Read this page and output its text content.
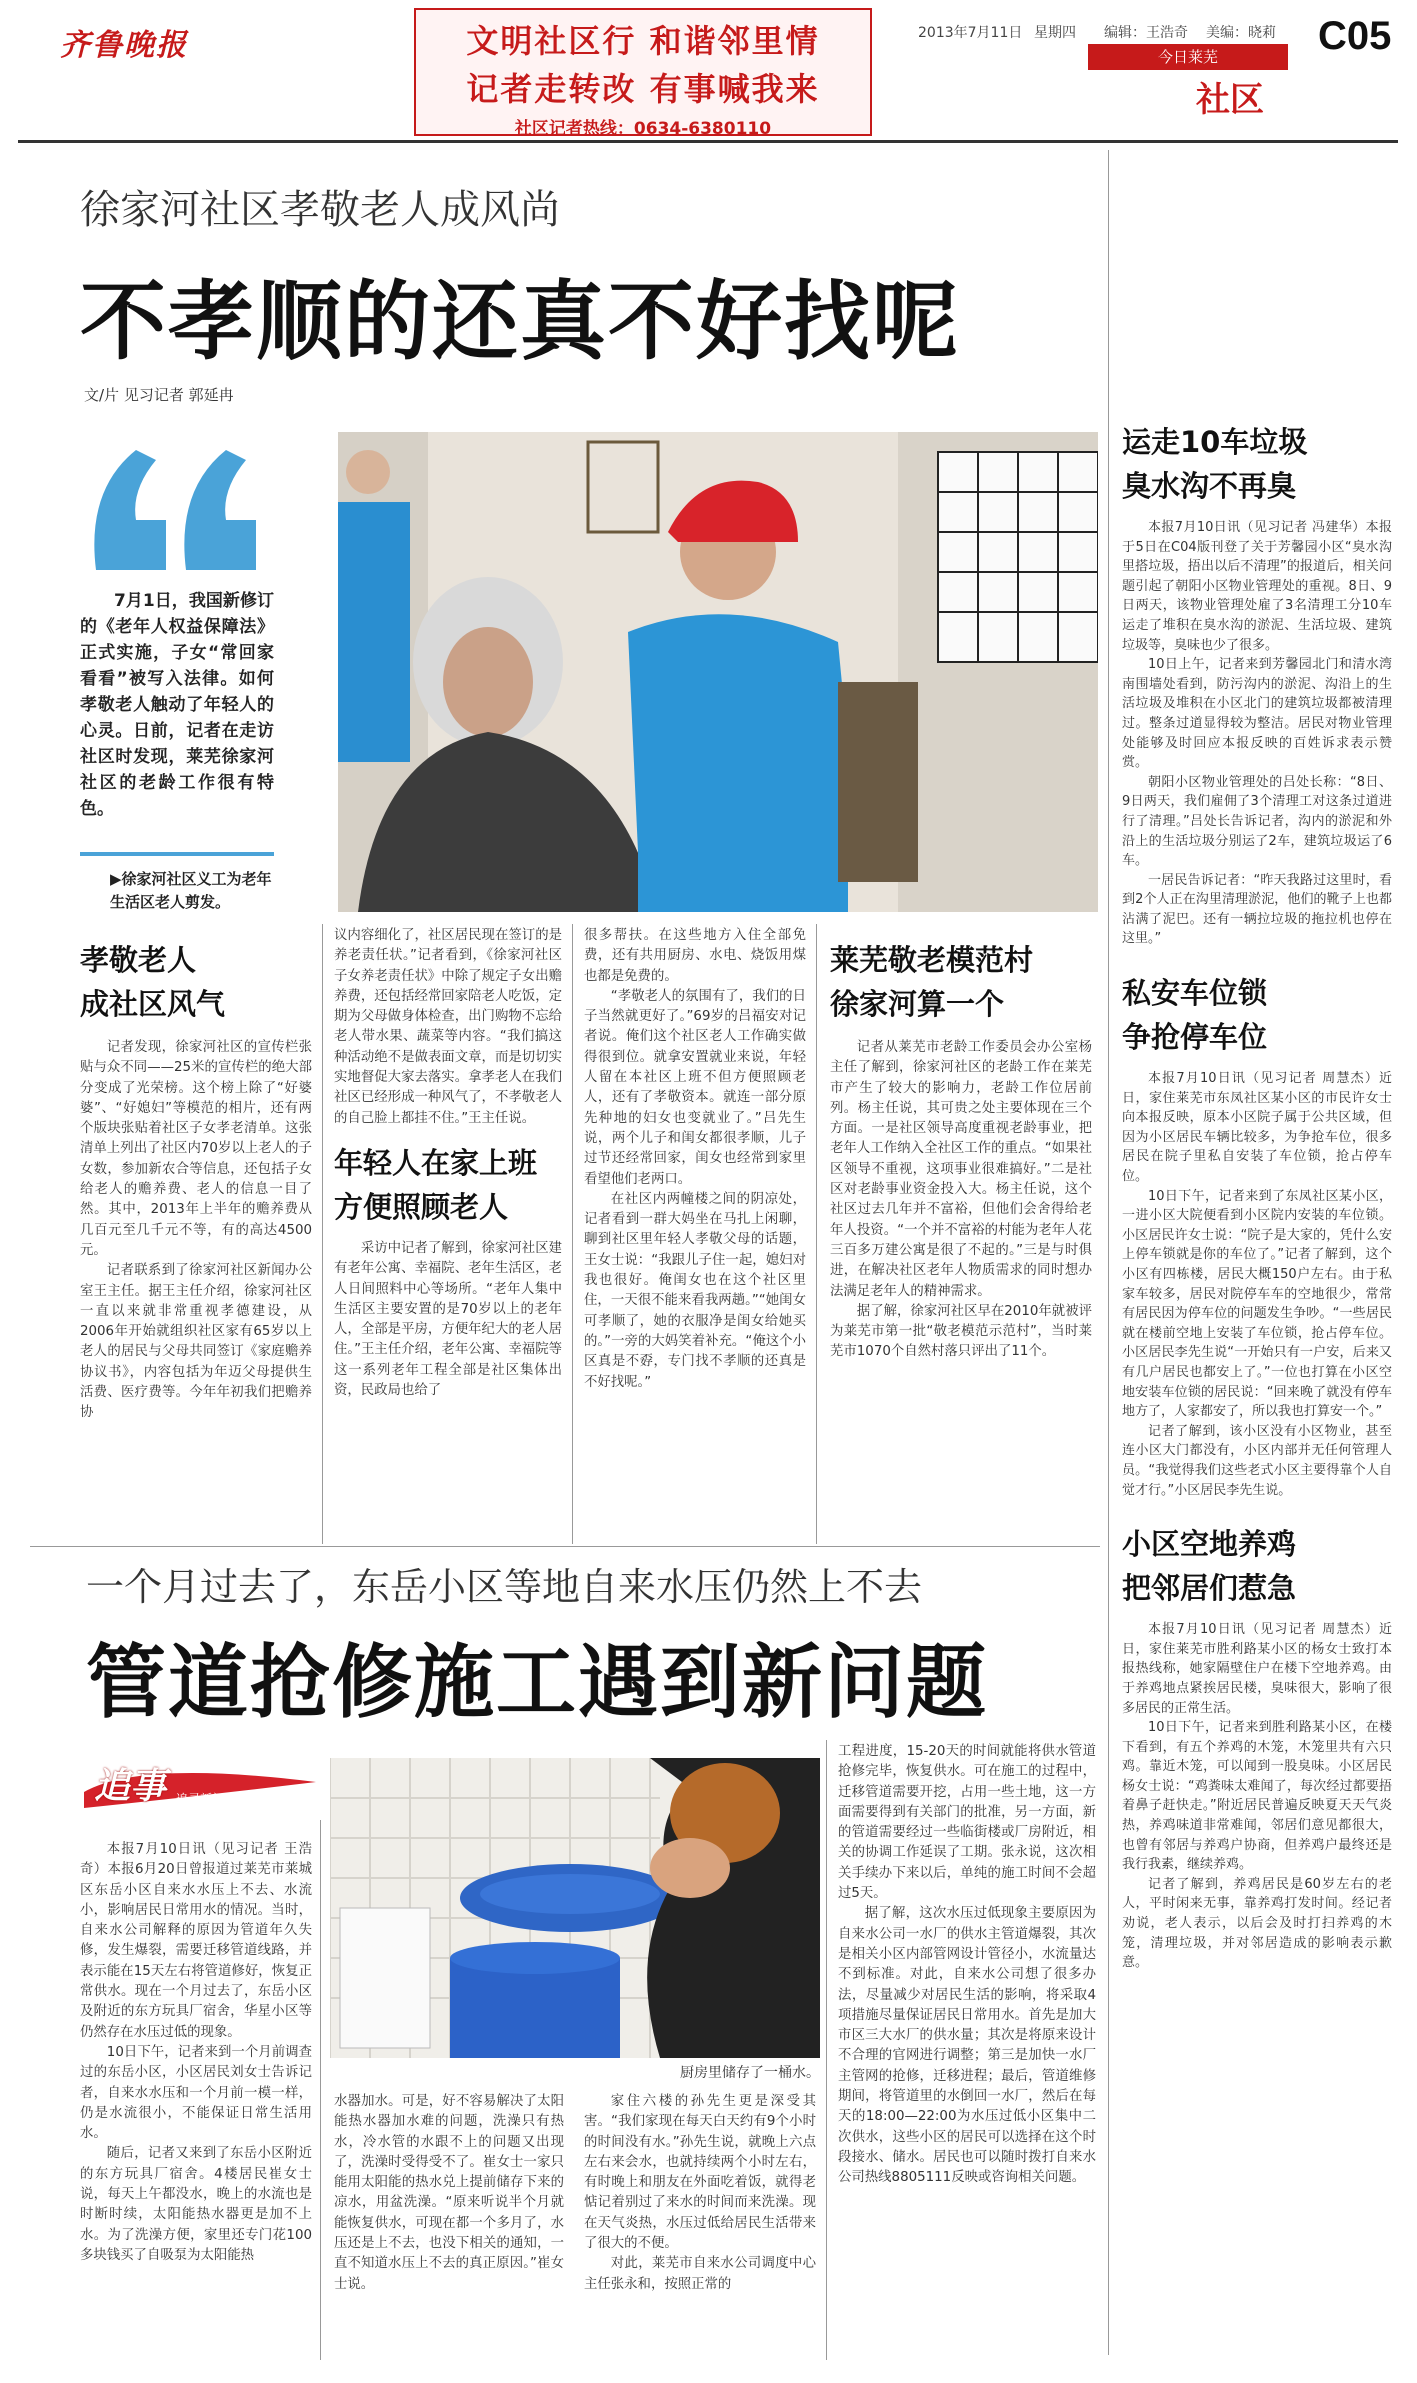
齐鲁晚报	文明社区行 和谐邻里情
记者走转改 有事喊我来
社区记者热线：0634-6380110
2013年7月11日 星期四 编辑：王浩奇 美编：晓莉 C05
今日莱芜
社区
徐家河社区孝敬老人成风尚
不孝顺的还真不好找呢
文/片 见习记者 郭延冉
7月1日，我国新修订的《老年人权益保障法》正式实施，子女“常回家看看”被写入法律。如何孝敬老人触动了年轻人的心灵。日前，记者在走访社区时发现，莱芜徐家河社区的老龄工作很有特色。
▶徐家河社区义工为老年生活区老人剪发。
孝敬老人
成社区风气

记者发现，徐家河社区的宣传栏张贴与众不同——25米的宣传栏的绝大部分变成了光荣榜。这个榜上除了“好婆婆”、“好媳妇”等模范的相片，还有两个版块张贴着社区子女孝老清单。这张清单上列出了社区内70岁以上老人的子女数，参加新农合等信息，还包括子女给老人的赡养费、老人的信息一目了然。其中，2013年上半年的赡养费从几百元至几千元不等，有的高达4500元。

记者联系到了徐家河社区新闻办公室王主任。据王主任介绍，徐家河社区一直以来就非常重视孝德建设，从2006年开始就组织社区家有65岁以上老人的居民与父母共同签订《家庭赡养协议书》，内容包括为年迈父母提供生活费、医疗费等。今年年初我们把赡养协

议内容细化了，社区居民现在签订的是养老责任状。”记者看到，《徐家河社区子女养老责任状》中除了规定子女出赡养费，还包括经常回家陪老人吃饭，定期为父母做身体检查，出门购物不忘给老人带水果、蔬菜等内容。“我们搞这种活动绝不是做表面文章，而是切切实实地督促大家去落实。拿孝老人在我们社区已经形成一种风气了，不孝敬老人的自己脸上都挂不住。”王主任说。

年轻人在家上班
方便照顾老人

采访中记者了解到，徐家河社区建有老年公寓、幸福院、老年生活区，老人日间照料中心等场所。“老年人集中生活区主要安置的是70岁以上的老年人，全部是平房，方便年纪大的老人居住。”王主任介绍，老年公寓、幸福院等这一系列老年工程全部是社区集体出资，民政局也给了

很多帮扶。在这些地方入住全部免费，还有共用厨房、水电、烧饭用煤也都是免费的。

“孝敬老人的氛围有了，我们的日子当然就更好了。”69岁的吕福安对记者说。俺们这个社区老人工作确实做得很到位。就拿安置就业来说，年轻人留在本社区上班不但方便照顾老人，还有了孝敬资本。就连一部分原先种地的妇女也变就业了。”吕先生说，两个儿子和闺女都很孝顺，儿子过节还经常回家，闺女也经常到家里看望他们老两口。

在社区内两幢楼之间的阴凉处，记者看到一群大妈坐在马扎上闲聊，聊到社区里年轻人孝敬父母的话题，王女士说：“我跟儿子住一起，媳妇对我也很好。俺闺女也在这个社区里住，一天很不能来看我两趟。”“她闺女可孝顺了，她的衣服净是闺女给她买的。”一旁的大妈笑着补充。“俺这个小区真是不孬，专门找不孝顺的还真是不好找呢。”

莱芜敬老模范村
徐家河算一个

记者从莱芜市老龄工作委员会办公室杨主任了解到，徐家河社区的老龄工作在莱芜市产生了较大的影响力，老龄工作位居前列。杨主任说，其可贵之处主要体现在三个方面。一是社区领导高度重视老龄事业，把老年人工作纳入全社区工作的重点。“如果社区领导不重视，这项事业很难搞好。”二是社区对老龄事业资金投入大。杨主任说，这个社区过去几年并不富裕，但他们会舍得给老年人投资。“一个并不富裕的村能为老年人花三百多万建公寓是很了不起的。”三是与时俱进，在解决社区老年人物质需求的同时想办法满足老年人的精神需求。

据了解，徐家河社区早在2010年就被评为莱芜市第一批“敬老模范示范村”，当时莱芜市1070个自然村落只评出了11个。

运走10车垃圾
臭水沟不再臭

本报7月10日讯（见习记者 冯建华）本报于5日在C04版刊登了关于芳馨园小区“臭水沟里搭垃圾，捂出以后不清理”的报道后，相关问题引起了朝阳小区物业管理处的重视。8日、9日两天，该物业管理处雇了3名清理工分10车运走了堆积在臭水沟的淤泥、生活垃圾、建筑垃圾等，臭味也少了很多。

10日上午，记者来到芳馨园北门和清水湾南围墙处看到，防污沟内的淤泥、沟沿上的生活垃圾及堆积在小区北门的建筑垃圾都被清理过。整条过道显得较为整洁。居民对物业管理处能够及时回应本报反映的百姓诉求表示赞赏。

朝阳小区物业管理处的吕处长称：“8日、9日两天，我们雇佣了3个清理工对这条过道进行了清理。”吕处长告诉记者，沟内的淤泥和外沿上的生活垃圾分别运了2车，建筑垃圾运了6车。

一居民告诉记者：“昨天我路过这里时，看到2个人正在沟里清理淤泥，他们的靴子上也都沾满了泥巴。还有一辆拉垃圾的拖拉机也停在这里。”

私安车位锁
争抢停车位

本报7月10日讯（见习记者 周慧杰）近日，家住莱芜市东凤社区某小区的市民许女士向本报反映，原本小区院子属于公共区域，但因为小区居民车辆比较多，为争抢车位，很多居民在院子里私自安装了车位锁，抢占停车位。

10日下午，记者来到了东凤社区某小区，一进小区大院便看到小区院内安装的车位锁。小区居民许女士说：“院子是大家的，凭什么安上停车锁就是你的车位了。”记者了解到，这个小区有四栋楼，居民大概150户左右。由于私家车较多，居民对院停车车的空地很少，常常有居民因为停车位的问题发生争吵。“一些居民就在楼前空地上安装了车位锁，抢占停车位。小区居民李先生说“一开始只有一户安，后来又有几户居民也都安上了。”一位也打算在小区空地安装车位锁的居民说：“回来晚了就没有停车地方了，人家都安了，所以我也打算安一个。”

记者了解到，该小区没有小区物业，甚至连小区大门都没有，小区内部并无任何管理人员。“我觉得我们这些老式小区主要得靠个人自觉才行。”小区居民李先生说。

小区空地养鸡
把邻居们惹急

本报7月10日讯（见习记者 周慧杰）近日，家住莱芜市胜利路某小区的杨女士致打本报热线称，她家隔壁住户在楼下空地养鸡。由于养鸡地点紧挨居民楼，臭味很大，影响了很多居民的正常生活。

10日下午，记者来到胜利路某小区，在楼下看到，有五个养鸡的木笼，木笼里共有六只鸡。靠近木笼，可以闻到一股臭味。小区居民杨女士说：“鸡粪味太难闻了，每次经过都要捂着鼻子赶快走。”附近居民普遍反映夏天天气炎热，养鸡味道非常难闻，邻居们意见都很大，也曾有邻居与养鸡户协商，但养鸡户最终还是我行我素，继续养鸡。

记者了解到，养鸡居民是60岁左右的老人，平时闲来无事，靠养鸡打发时间。经记者劝说，老人表示，以后会及时打扫养鸡的木笼，清理垃圾，并对邻居造成的影响表示歉意。

一个月过去了，东岳小区等地自来水压仍然上不去
管道抢修施工遇到新问题
追事 追寻新闻尽头
厨房里储存了一桶水。

本报7月10日讯（见习记者 王浩奇）本报6月20日曾报道过莱芜市莱城区东岳小区自来水水压上不去、水流小，影响居民日常用水的情况。当时，自来水公司解释的原因为管道年久失修，发生爆裂，需要迁移管道线路，并表示能在15天左右将管道修好，恢复正常供水。现在一个月过去了，东岳小区及附近的东方玩具厂宿舍，华星小区等仍然存在水压过低的现象。

10日下午，记者来到一个月前调查过的东岳小区，小区居民刘女士告诉记者，自来水水压和一个月前一模一样，仍是水流很小，不能保证日常生活用水。

随后，记者又来到了东岳小区附近的东方玩具厂宿舍。4楼居民崔女士说，每天上午都没水，晚上的水流也是时断时续，太阳能热水器更是加不上水。为了洗澡方便，家里还专门花100多块钱买了自吸泵为太阳能热

水器加水。可是，好不容易解决了太阳能热水器加水难的问题，洗澡只有热水，冷水管的水跟不上的问题又出现了，洗澡时受得受不了。崔女士一家只能用太阳能的热水兑上提前储存下来的凉水，用盆洗澡。“原来听说半个月就能恢复供水，可现在都一个多月了，水压还是上不去，也没下相关的通知，一直不知道水压上不去的真正原因。”崔女士说。

家住六楼的孙先生更是深受其害。“我们家现在每天白天约有9个小时的时间没有水。”孙先生说，就晚上六点左右来会水，也就持续两个小时左右，有时晚上和朋友在外面吃着饭，就得老惦记着别过了来水的时间而来洗澡。现在天气炎热，水压过低给居民生活带来了很大的不便。

对此，莱芜市自来水公司调度中心主任张永和，按照正常的

工程进度，15-20天的时间就能将供水管道抢修完毕，恢复供水。可在施工的过程中，迁移管道需要开挖，占用一些土地，这一方面需要得到有关部门的批准，另一方面，新的管道需要经过一些临街楼或厂房附近，相关的协调工作延误了工期。张永说，这次相关手续办下来以后，单纯的施工时间不会超过5天。

据了解，这次水压过低现象主要原因为自来水公司一水厂的供水主管道爆裂，其次是相关小区内部管网设计管径小，水流量达不到标准。对此，自来水公司想了很多办法，尽量减少对居民生活的影响，将采取4项措施尽量保证居民日常用水。首先是加大市区三大水厂的供水量；其次是将原来设计不合理的官网进行调整；第三是加快一水厂主管网的抢修，迁移进程；最后，管道维修期间，将管道里的水倒回一水厂，然后在每天的18:00—22:00为水压过低小区集中二次供水，这些小区的居民可以选择在这个时段接水、储水。居民也可以随时拨打自来水公司热线8805111反映或咨询相关问题。
